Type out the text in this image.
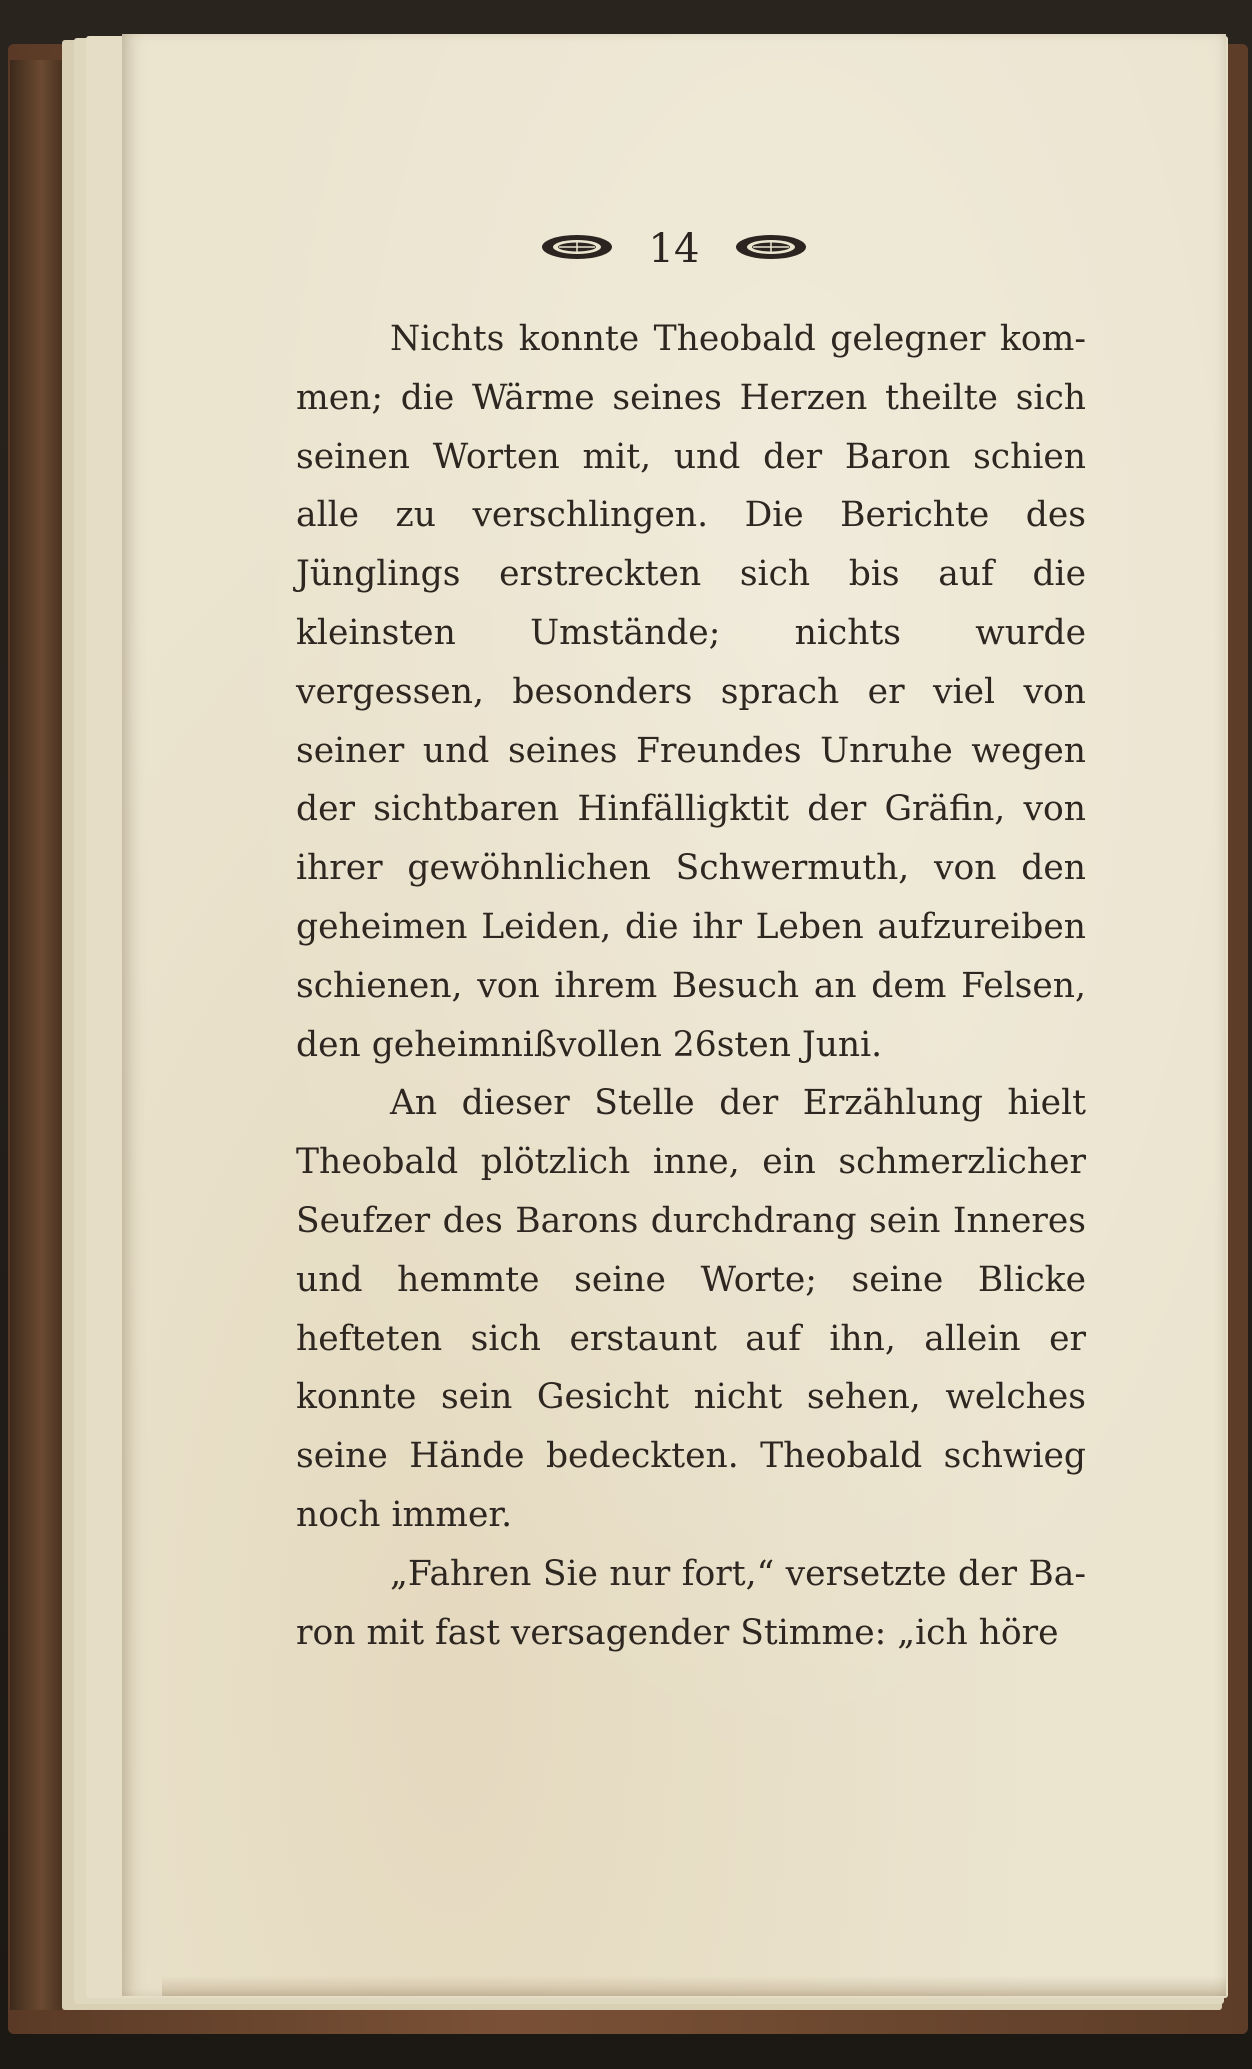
14

Nichts konnte Theobald gelegner kommen; die Wärme seines Herzen theilte sich seinen Worten mit, und der Baron schien alle zu verschlingen. Die Berichte des Jünglings erstreckten sich bis auf die kleinsten Umstände; nichts wurde vergessen, besonders sprach er viel von seiner und seines Freundes Unruhe wegen der sichtbaren Hinfälligktit der Gräfin, von ihrer gewöhnlichen Schwermuth, von den geheimen Leiden, die ihr Leben aufzureiben schienen, von ihrem Besuch an dem Felsen, den geheimnißvollen 26sten Juni.

An dieser Stelle der Erzählung hielt Theobald plötzlich inne, ein schmerzlicher Seufzer des Barons durchdrang sein Inneres und hemmte seine Worte; seine Blicke hefteten sich erstaunt auf ihn, allein er konnte sein Gesicht nicht sehen, welches seine Hände bedeckten. Theobald schwieg noch immer.

„Fahren Sie nur fort,“ versetzte der Baron mit fast versagender Stimme: „ich höre
